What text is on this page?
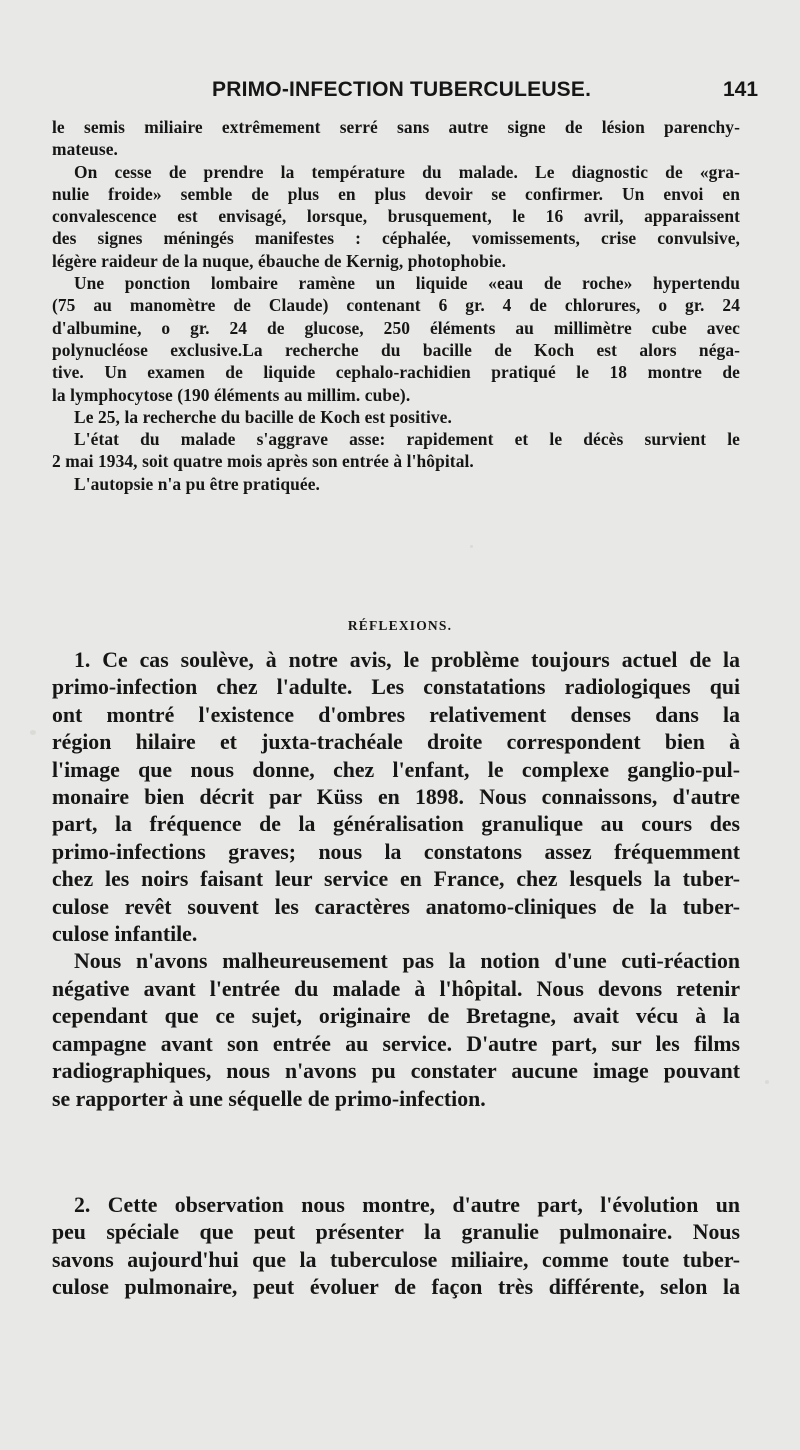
PRIMO-INFECTION TUBERCULEUSE.	141
le semis miliaire extrêmement serré sans autre signe de lésion parenchy-
mateuse.
On cesse de prendre la température du malade. Le diagnostic de «gra-
nulie froide» semble de plus en plus devoir se confirmer. Un envoi en
convalescence est envisagé, lorsque, brusquement, le 16 avril, apparaissent
des signes méningés manifestes : céphalée, vomissements, crise convulsive,
légère raideur de la nuque, ébauche de Kernig, photophobie.
Une ponction lombaire ramène un liquide «eau de roche» hypertendu
(75 au manomètre de Claude) contenant 6 gr. 4 de chlorures, o gr. 24
d'albumine, o gr. 24 de glucose, 250 éléments au millimètre cube avec
polynucléose exclusive.La recherche du bacille de Koch est alors néga-
tive. Un examen de liquide cephalo-rachidien pratiqué le 18 montre de
la lymphocytose (190 éléments au millim. cube).
Le 25, la recherche du bacille de Koch est positive.
L'état du malade s'aggrave asse: rapidement et le décès survient le
2 mai 1934, soit quatre mois après son entrée à l'hôpital.
L'autopsie n'a pu être pratiquée.
RÉFLEXIONS.
1. Ce cas soulève, à notre avis, le problème toujours actuel de la
primo-infection chez l'adulte. Les constatations radiologiques qui
ont montré l'existence d'ombres relativement denses dans la
région hilaire et juxta-trachéale droite correspondent bien à
l'image que nous donne, chez l'enfant, le complexe ganglio-pul-
monaire bien décrit par Küss en 1898. Nous connaissons, d'autre
part, la fréquence de la généralisation granulique au cours des
primo-infections graves; nous la constatons assez fréquemment
chez les noirs faisant leur service en France, chez lesquels la tuber-
culose revêt souvent les caractères anatomo-cliniques de la tuber-
culose infantile.
Nous n'avons malheureusement pas la notion d'une cuti-réaction
négative avant l'entrée du malade à l'hôpital. Nous devons retenir
cependant que ce sujet, originaire de Bretagne, avait vécu à la
campagne avant son entrée au service. D'autre part, sur les films
radiographiques, nous n'avons pu constater aucune image pouvant
se rapporter à une séquelle de primo-infection.
2. Cette observation nous montre, d'autre part, l'évolution un
peu spéciale que peut présenter la granulie pulmonaire. Nous
savons aujourd'hui que la tuberculose miliaire, comme toute tuber-
culose pulmonaire, peut évoluer de façon très différente, selon la
